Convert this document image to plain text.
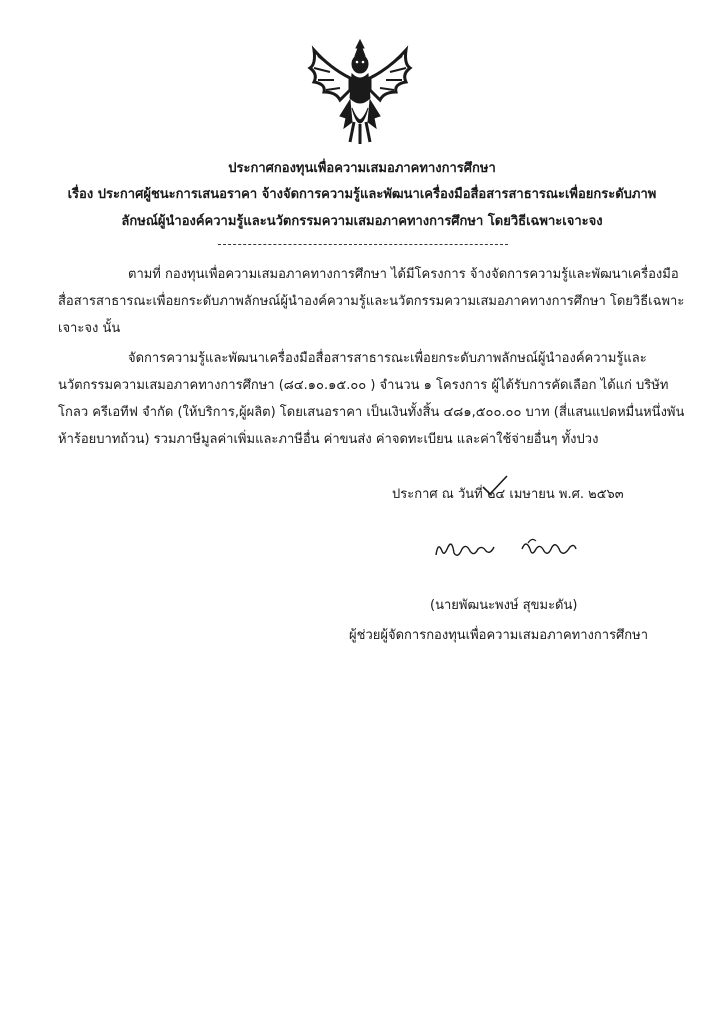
ประกาศกองทุนเพื่อความเสมอภาคทางการศึกษา
เรื่อง ประกาศผู้ชนะการเสนอราคา จ้างจัดการความรู้และพัฒนาเครื่องมือสื่อสารสาธารณะเพื่อยกระดับภาพ
ลักษณ์ผู้นำองค์ความรู้และนวัตกรรมความเสมอภาคทางการศึกษา โดยวิธีเฉพาะเจาะจง
ตามที่ กองทุนเพื่อความเสมอภาคทางการศึกษา ได้มีโครงการ จ้างจัดการความรู้และพัฒนาเครื่องมือ
สื่อสารสาธารณะเพื่อยกระดับภาพลักษณ์ผู้นำองค์ความรู้และนวัตกรรมความเสมอภาคทางการศึกษา โดยวิธีเฉพาะ
เจาะจง นั้น
จัดการความรู้และพัฒนาเครื่องมือสื่อสารสาธารณะเพื่อยกระดับภาพลักษณ์ผู้นำองค์ความรู้และ
นวัตกรรมความเสมอภาคทางการศึกษา (๘๔.๑๐.๑๕.๐๐ ) จำนวน ๑ โครงการ ผู้ได้รับการคัดเลือก ได้แก่ บริษัท
โกลว ครีเอทีฟ จำกัด (ให้บริการ,ผู้ผลิต) โดยเสนอราคา เป็นเงินทั้งสิ้น ๔๘๑,๕๐๐.๐๐ บาท (สี่แสนแปดหมื่นหนึ่งพัน
ห้าร้อยบาทถ้วน) รวมภาษีมูลค่าเพิ่มและภาษีอื่น ค่าขนส่ง ค่าจดทะเบียน และค่าใช้จ่ายอื่นๆ ทั้งปวง
ประกาศ ณ วันที่ ๒๔ เมษายน พ.ศ. ๒๕๖๓
(นายพัฒนะพงษ์ สุขมะดัน)
ผู้ช่วยผู้จัดการกองทุนเพื่อความเสมอภาคทางการศึกษา
